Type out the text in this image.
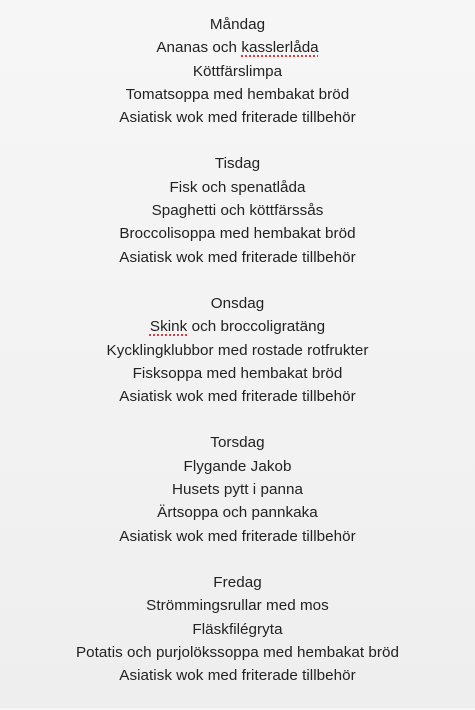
Måndag
Ananas och kasslerlåda
Köttfärslimpa
Tomatsoppa med hembakat bröd
Asiatisk wok med friterade tillbehör
Tisdag
Fisk och spenatlåda
Spaghetti och köttfärssås
Broccolisoppa med hembakat bröd
Asiatisk wok med friterade tillbehör
Onsdag
Skink och broccoligratäng
Kycklingklubbor med rostade rotfrukter
Fisksoppa med hembakat bröd
Asiatisk wok med friterade tillbehör
Torsdag
Flygande Jakob
Husets pytt i panna
Ärtsoppa och pannkaka
Asiatisk wok med friterade tillbehör
Fredag
Strömmingsrullar med mos
Fläskfilégryta
Potatis och purjolökssoppa med hembakat bröd
Asiatisk wok med friterade tillbehör
